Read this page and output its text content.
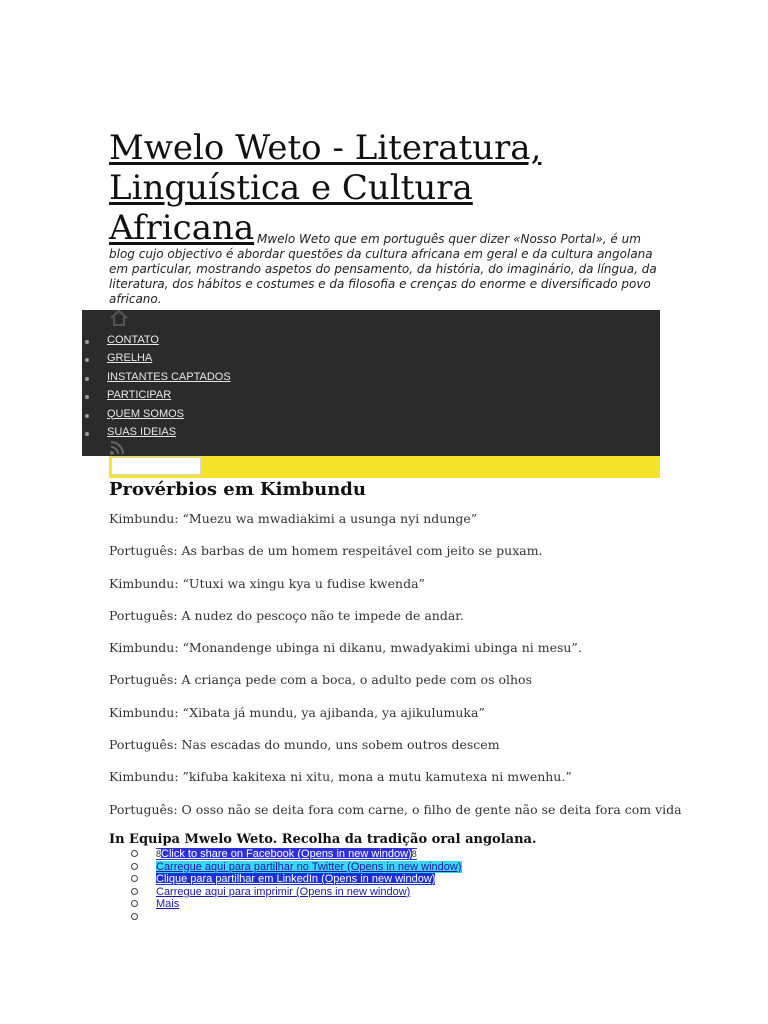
Mwelo Weto - Literatura,
Linguística e Cultura
Africana Mwelo Weto que em português quer dizer «Nosso Portal», é um blog cujo objectivo é abordar questões da cultura africana em geral e da cultura angolana em particular, mostrando aspetos do pensamento, da história, do imaginário, da língua, da literatura, dos hábitos e costumes e da filosofia e crenças do enorme e diversificado povo africano.

CONTATO
GRELHA
INSTANTES CAPTADOS
PARTICIPAR
QUEM SOMOS
SUAS IDEIAS
Provérbios em Kimbundu

Kimbundu: “Muezu wa mwadiakimi a usunga nyi ndunge”

Português: As barbas de um homem respeitável com jeito se puxam.

Kimbundu: “Utuxi wa xingu kya u fudise kwenda”

Português: A nudez do pescoço não te impede de andar.

Kimbundu: “Monandenge ubinga ni dikanu, mwadyakimi ubinga ni mesu”.

Português: A criança pede com a boca, o adulto pede com os olhos

Kimbundu: “Xibata já mundu, ya ajibanda, ya ajikulumuka”

Português: Nas escadas do mundo, uns sobem outros descem

Kimbundu: ”kifuba kakitexa ni xitu, mona a mutu kamutexa ni mwenhu.”

Português: O osso não se deita fora com carne, o filho de gente não se deita fora com vida

In Equipa Mwelo Weto. Recolha da tradição oral angolana.

8Click to share on Facebook (Opens in new window)8
Carregue aqui para partilhar no Twitter (Opens in new window)
Clique para partilhar em LinkedIn (Opens in new window)
Carregue aqui para imprimir (Opens in new window)
Mais
